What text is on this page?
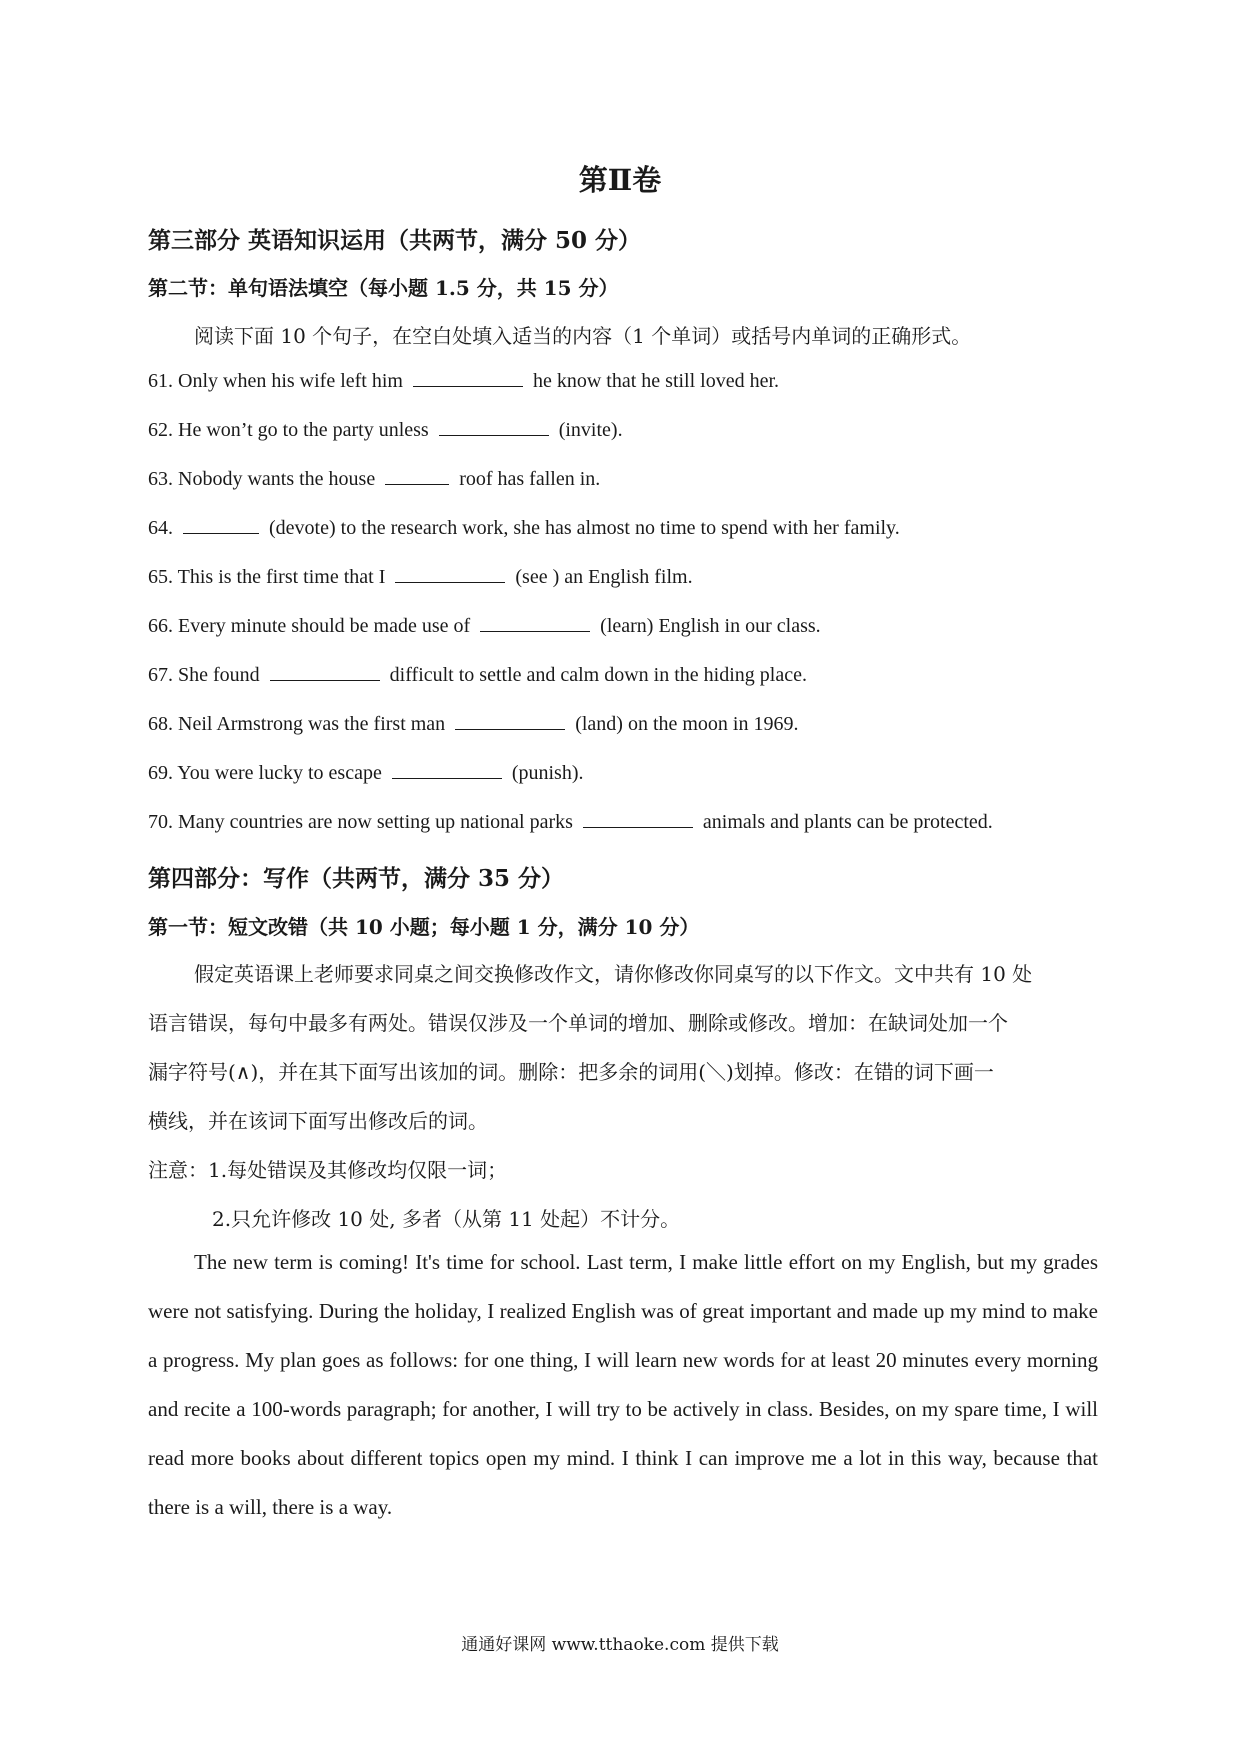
第Ⅱ卷
第三部分 英语知识运用（共两节，满分 50 分）
第二节：单句语法填空（每小题 1.5 分，共 15 分）
阅读下面 10 个句子，在空白处填入适当的内容（1 个单词）或括号内单词的正确形式。
61. Only when his wife left him	he know that he still loved her.
62. He won’t go to the party unless	(invite).
63. Nobody wants the house	roof has fallen in.
64.	(devote) to the research work, she has almost no time to spend with her family.
65. This is the first time that I	(see ) an English film.
66. Every minute should be made use of	(learn) English in our class.
67. She found	difficult to settle and calm down in the hiding place.
68. Neil Armstrong was the first man	(land) on the moon in 1969.
69. You were lucky to escape	(punish).
70. Many countries are now setting up national parks	animals and plants can be protected.
第四部分：写作（共两节，满分 35 分）
第一节：短文改错（共 10 小题；每小题 1 分，满分 10 分）
假定英语课上老师要求同桌之间交换修改作文，请你修改你同桌写的以下作文。文中共有 10 处
语言错误，每句中最多有两处。错误仅涉及一个单词的增加、删除或修改。增加：在缺词处加一个
漏字符号(∧)，并在其下面写出该加的词。删除：把多余的词用(＼)划掉。修改：在错的词下画一
横线，并在该词下面写出修改后的词。
注意：1.每处错误及其修改均仅限一词；
2.只允许修改 10 处, 多者（从第 11 处起）不计分。
The new term is coming! It's time for school. Last term, I make little effort on my English, but my grades were not satisfying. During the holiday, I realized English was of great important and made up my mind to make a progress. My plan goes as follows: for one thing, I will learn new words for at least 20 minutes every morning and recite a 100-words paragraph; for another, I will try to be actively in class. Besides, on my spare time, I will read more books about different topics open my mind. I think I can improve me a lot in this way, because that there is a will, there is a way.
通通好课网 www.tthaoke.com 提供下载
